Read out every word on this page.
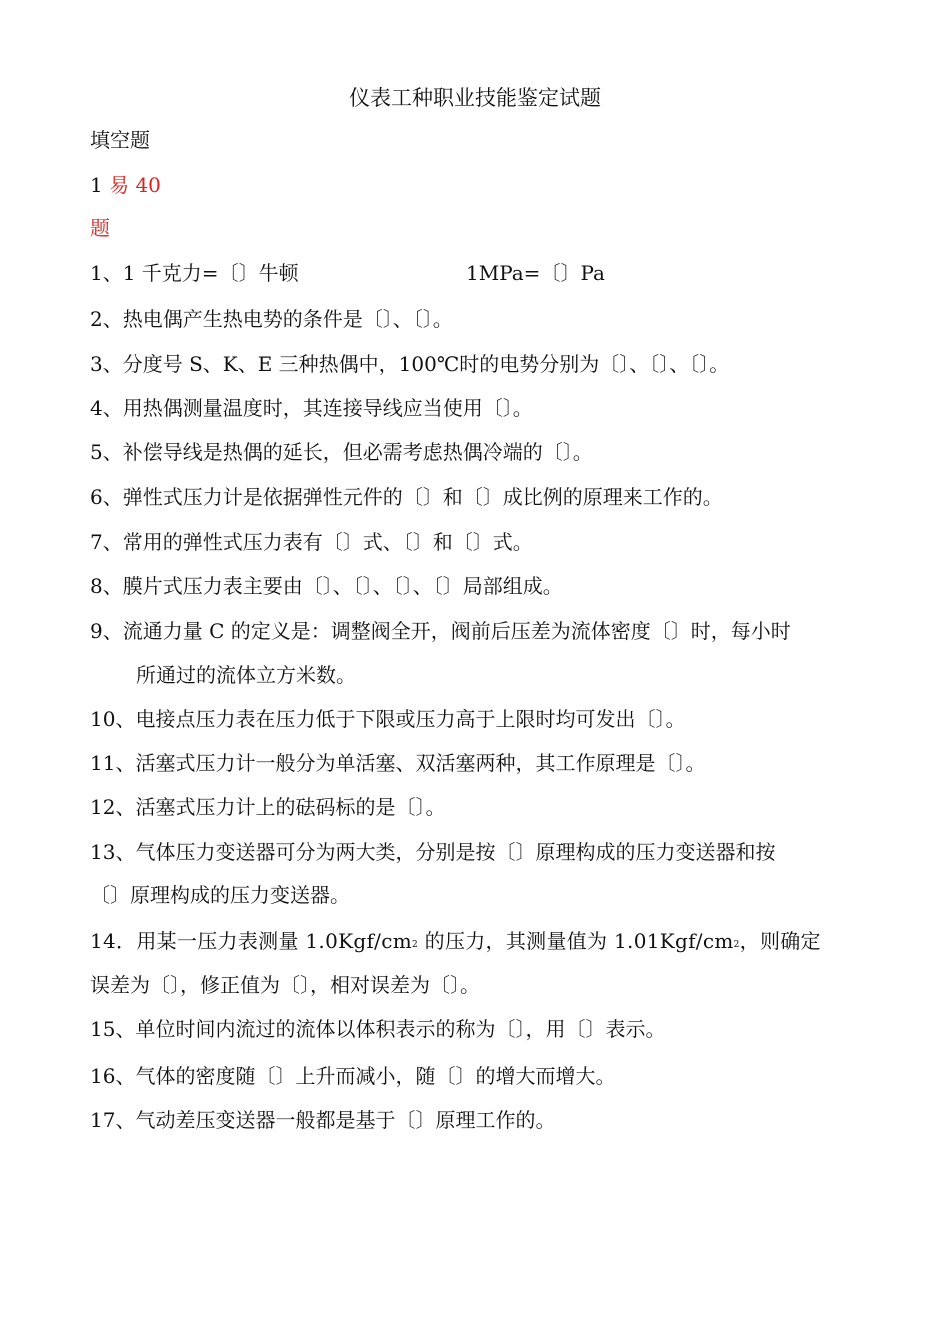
仪表工种职业技能鉴定试题
填空题
1 易 40
题
1、1 千克力=〔〕牛顿	1MPa=〔〕Pa
2、热电偶产生热电势的条件是〔〕、〔〕。
3、分度号 S、K、E 三种热偶中，100℃时的电势分别为〔〕、〔〕、〔〕。
4、用热偶测量温度时，其连接导线应当使用〔〕。
5、补偿导线是热偶的延长，但必需考虑热偶冷端的〔〕。
6、弹性式压力计是依据弹性元件的〔〕和〔〕成比例的原理来工作的。
7、常用的弹性式压力表有〔〕式、〔〕和〔〕式。
8、膜片式压力表主要由〔〕、〔〕、〔〕、〔〕局部组成。
9、流通力量 C 的定义是：调整阀全开，阀前后压差为流体密度〔〕时，每小时
所通过的流体立方米数。
10、电接点压力表在压力低于下限或压力高于上限时均可发出〔〕。
11、活塞式压力计一般分为单活塞、双活塞两种，其工作原理是〔〕。
12、活塞式压力计上的砝码标的是〔〕。
13、气体压力变送器可分为两大类，分别是按〔〕原理构成的压力变送器和按
〔〕原理构成的压力变送器。
14．用某一压力表测量 $1.0Kgf/cm^2$ 的压力，其测量值为 $1.01Kgf/cm^2$，则确定
误差为〔〕，修正值为〔〕，相对误差为〔〕。
15、单位时间内流过的流体以体积表示的称为〔〕，用〔〕表示。
16、气体的密度随〔〕上升而减小，随〔〕的增大而增大。
17、气动差压变送器一般都是基于〔〕原理工作的。
